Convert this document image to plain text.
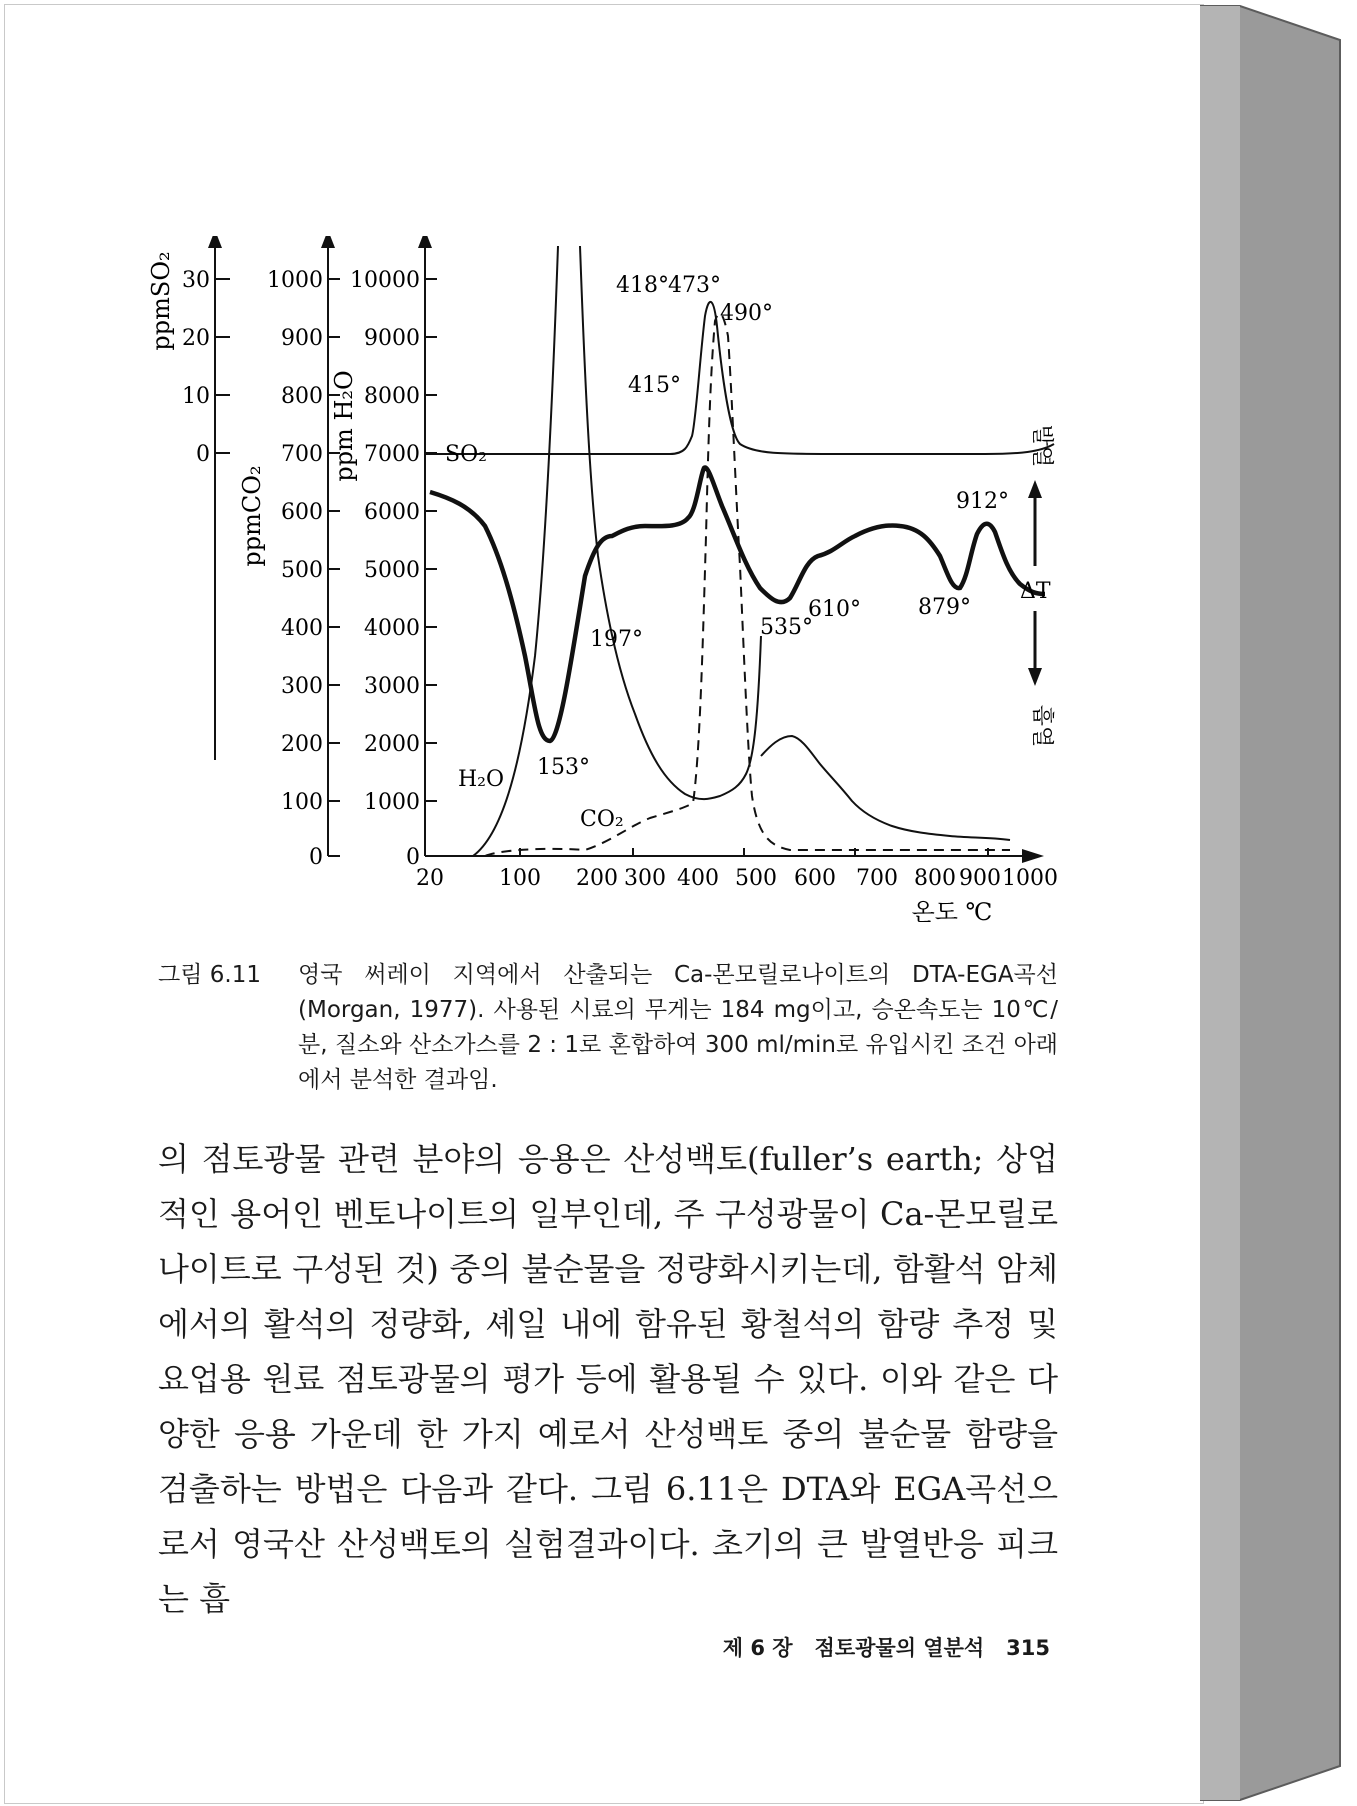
30
20
10
0
ppmSO₂	1000
900
800
700
600
500
400
300
200
100
0
ppmCO₂
10000
9000
8000
7000
6000
5000
4000
3000
2000
1000
0
ppm H₂O
20	100 200 300 400 500 600 700 800 900 1000
온도 ℃
SO₂
H₂O
CO₂
418° 473°
490°
415°
912°
197°
153°
610°
535°
879°
ΔT
발열
흡열
그림 6.11	영국 써레이 지역에서 산출되는 Ca-몬모릴로나이트의 DTA-EGA곡선(Morgan, 1977). 사용된 시료의 무게는 184 mg이고, 승온속도는 10℃/분, 질소와 산소가스를 2 : 1로 혼합하여 300 ml/min로 유입시킨 조건 아래에서 분석한 결과임.

의 점토광물 관련 분야의 응용은 산성백토(fuller’s earth; 상업적인 용어인 벤토나이트의 일부인데, 주 구성광물이 Ca-몬모릴로나이트로 구성된 것) 중의 불순물을 정량화시키는데, 함활석 암체에서의 활석의 정량화, 셰일 내에 함유된 황철석의 함량 추정 및 요업용 원료 점토광물의 평가 등에 활용될 수 있다. 이와 같은 다양한 응용 가운데 한 가지 예로서 산성백토 중의 불순물 함량을 검출하는 방법은 다음과 같다. 그림 6.11은 DTA와 EGA곡선으로서 영국산 산성백토의 실험결과이다. 초기의 큰 발열반응 피크는 흡

제 6 장 점토광물의 열분석 315
